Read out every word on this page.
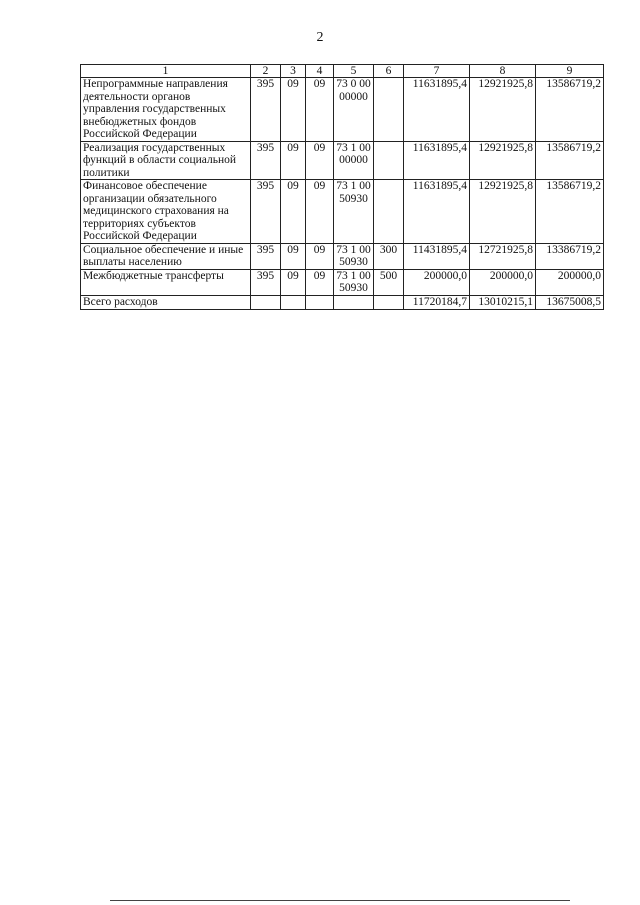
2
1	2	3	4	5	6	7	8	9
Непрограммные направления деятельности органов управления государственных внебюджетных фондов Российской Федерации	395	09	09	73 0 00 00000		11631895,4	12921925,8	13586719,2
Реализация государственных функций в области социальной политики	395	09	09	73 1 00 00000		11631895,4	12921925,8	13586719,2
Финансовое обеспечение организации обязательного медицинского страхования на территориях субъектов Российской Федерации	395	09	09	73 1 00 50930		11631895,4	12921925,8	13586719,2
Социальное обеспечение и иные выплаты населению	395	09	09	73 1 00 50930	300	11431895,4	12721925,8	13386719,2
Межбюджетные трансферты	395	09	09	73 1 00 50930	500	200000,0	200000,0	200000,0
Всего расходов						11720184,7	13010215,1	13675008,5
